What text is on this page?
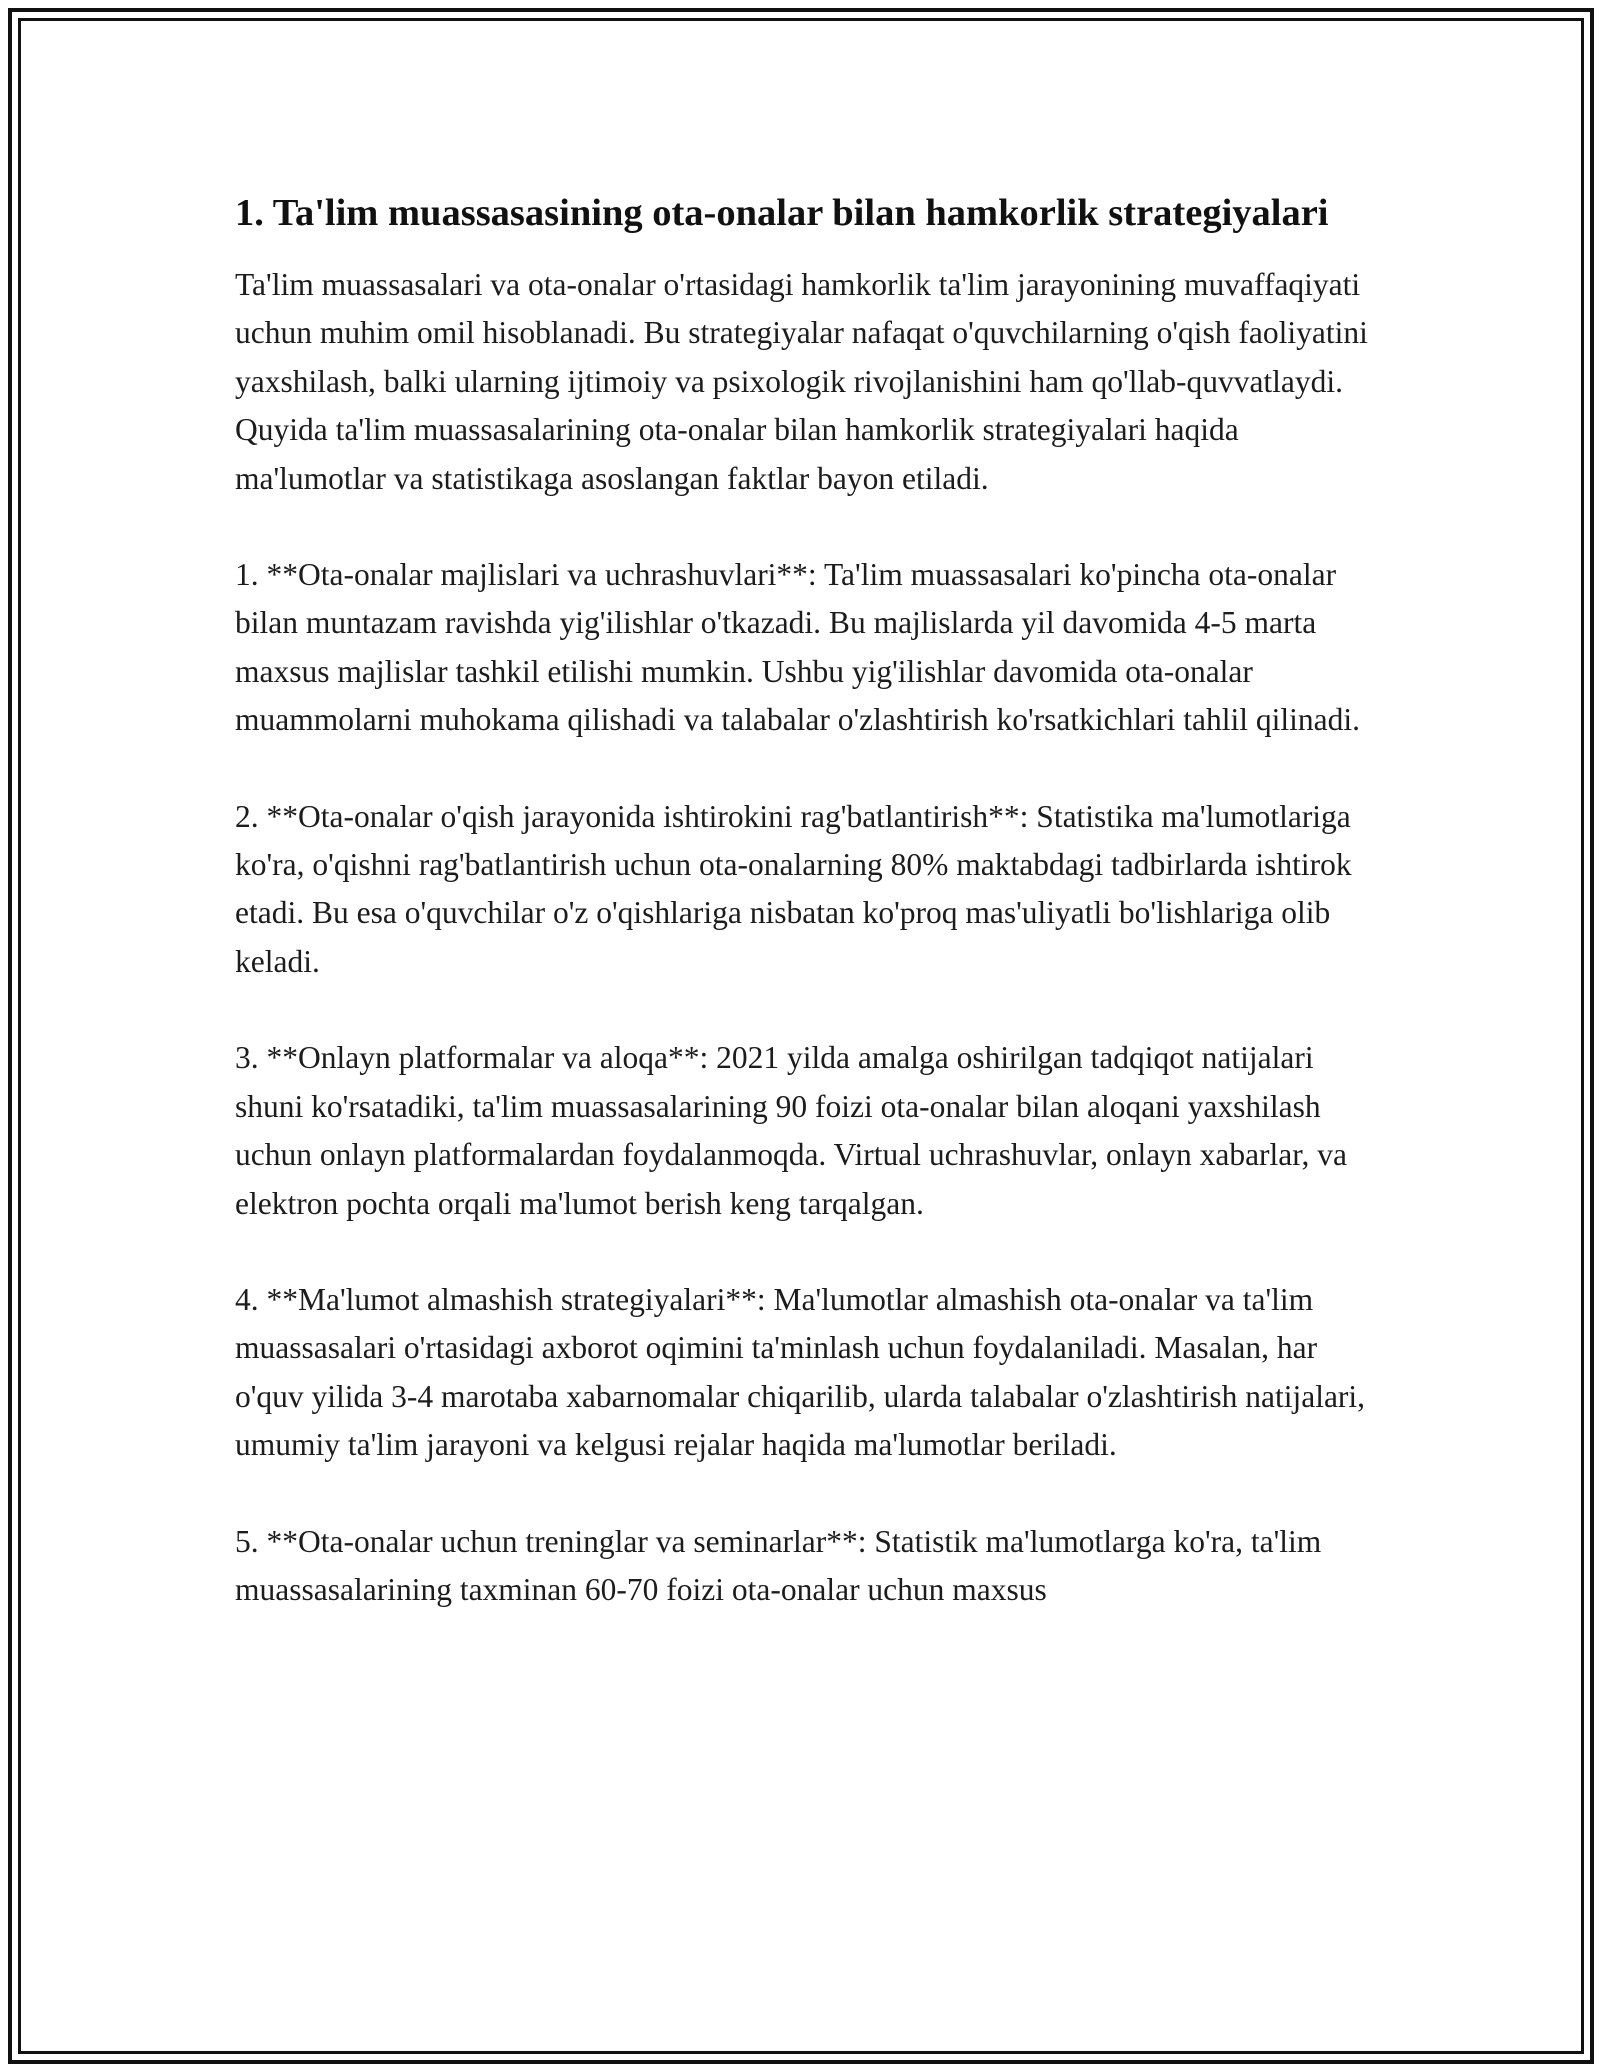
1. Ta'lim muassasasining ota-onalar bilan hamkorlik strategiyalari

Ta'lim muassasalari va ota-onalar o'rtasidagi hamkorlik ta'lim jarayonining muvaffaqiyati uchun muhim omil hisoblanadi. Bu strategiyalar nafaqat o'quvchilarning o'qish faoliyatini yaxshilash, balki ularning ijtimoiy va psixologik rivojlanishini ham qo'llab-quvvatlaydi. Quyida ta'lim muassasalarining ota-onalar bilan hamkorlik strategiyalari haqida ma'lumotlar va statistikaga asoslangan faktlar bayon etiladi.

1. **Ota-onalar majlislari va uchrashuvlari**: Ta'lim muassasalari ko'pincha ota-onalar bilan muntazam ravishda yig'ilishlar o'tkazadi. Bu majlislarda yil davomida 4-5 marta maxsus majlislar tashkil etilishi mumkin. Ushbu yig'ilishlar davomida ota-onalar muammolarni muhokama qilishadi va talabalar o'zlashtirish ko'rsatkichlari tahlil qilinadi.

2. **Ota-onalar o'qish jarayonida ishtirokini rag'batlantirish**: Statistika ma'lumotlariga ko'ra, o'qishni rag'batlantirish uchun ota-onalarning 80% maktabdagi tadbirlarda ishtirok etadi. Bu esa o'quvchilar o'z o'qishlariga nisbatan ko'proq mas'uliyatli bo'lishlariga olib keladi.

3. **Onlayn platformalar va aloqa**: 2021 yilda amalga oshirilgan tadqiqot natijalari shuni ko'rsatadiki, ta'lim muassasalarining 90 foizi ota-onalar bilan aloqani yaxshilash uchun onlayn platformalardan foydalanmoqda. Virtual uchrashuvlar, onlayn xabarlar, va elektron pochta orqali ma'lumot berish keng tarqalgan.

4. **Ma'lumot almashish strategiyalari**: Ma'lumotlar almashish ota-onalar va ta'lim muassasalari o'rtasidagi axborot oqimini ta'minlash uchun foydalaniladi. Masalan, har o'quv yilida 3-4 marotaba xabarnomalar chiqarilib, ularda talabalar o'zlashtirish natijalari, umumiy ta'lim jarayoni va kelgusi rejalar haqida ma'lumotlar beriladi.

5. **Ota-onalar uchun treninglar va seminarlar**: Statistik ma'lumotlarga ko'ra, ta'lim muassasalarining taxminan 60-70 foizi ota-onalar uchun maxsus
